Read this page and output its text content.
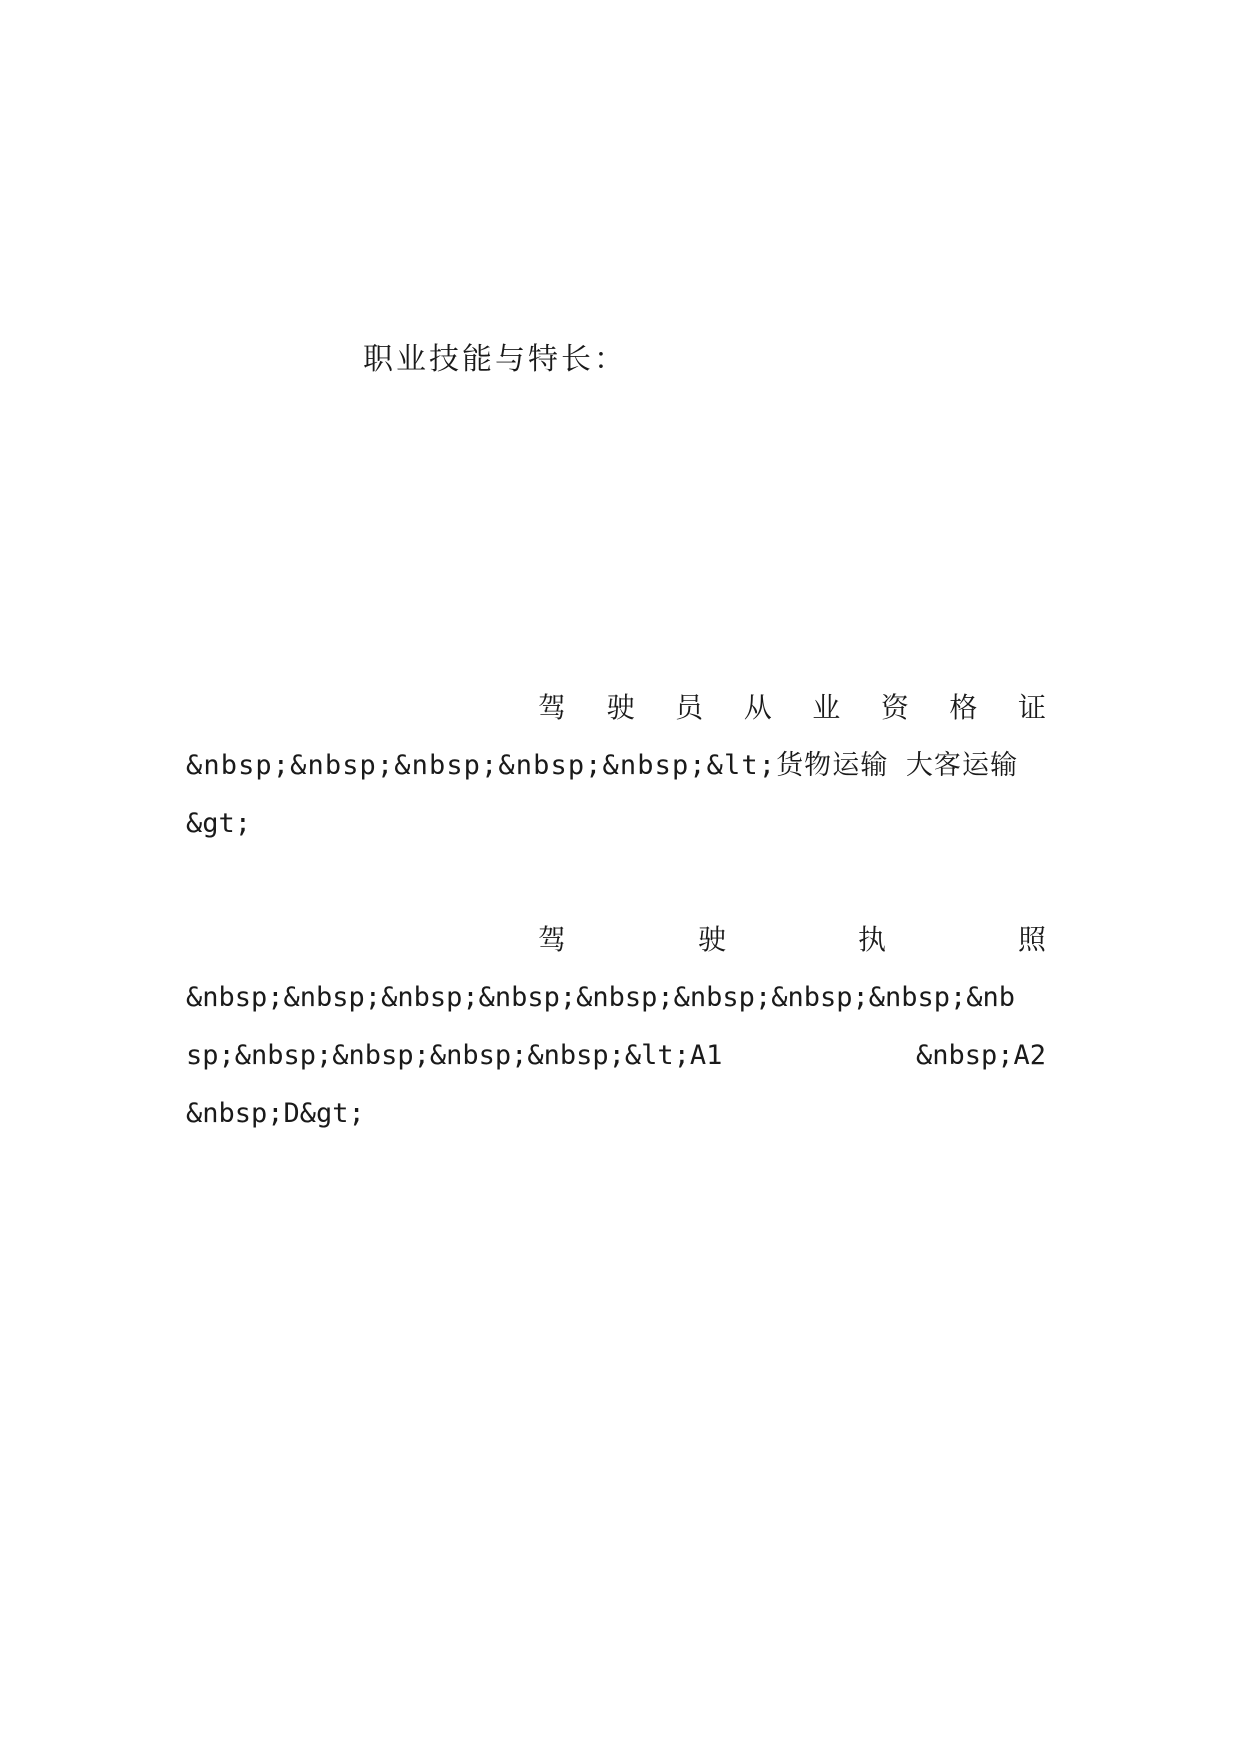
职业技能与特长：
驾 驶 员 从 业 资 格 证
&nbsp;&nbsp;&nbsp;&nbsp;&nbsp;&lt;货物运输 大客运输
&gt;
驾	驶	执	照
&nbsp;&nbsp;&nbsp;&nbsp;&nbsp;&nbsp;&nbsp;&nbsp;&nb
sp;&nbsp;&nbsp;&nbsp;&nbsp;&lt;A1	&nbsp;A2
&nbsp;D&gt;
